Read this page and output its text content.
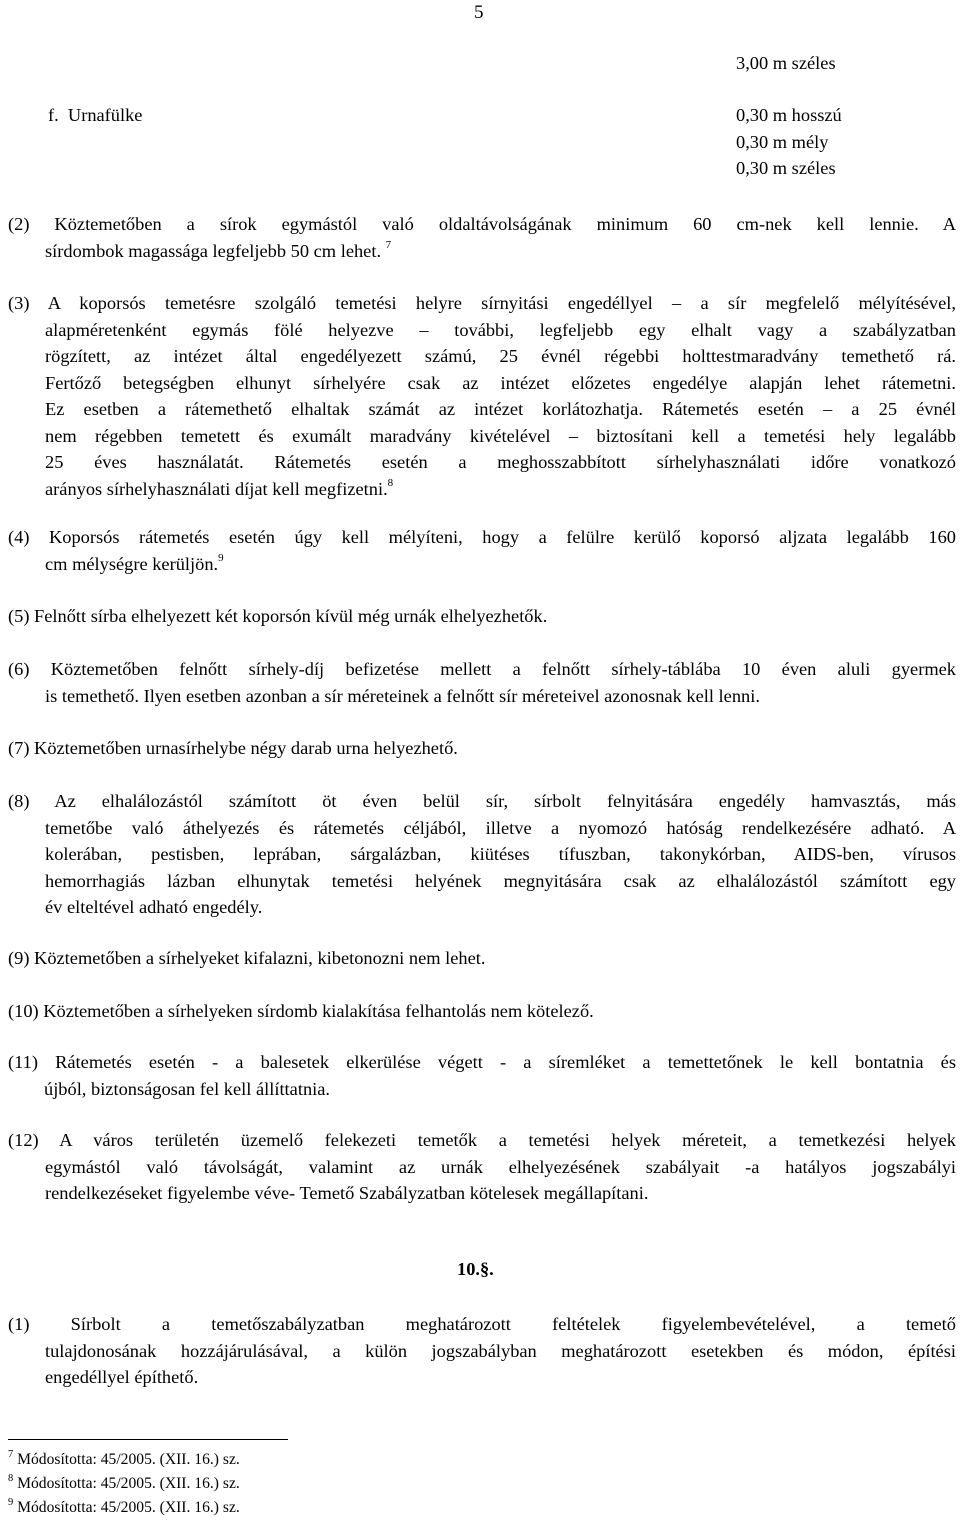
5
3,00 m széles
f.  Urnafülke	0,30 m hosszú
0,30 m mély
0,30 m széles
(2) Köztemetőben a sírok egymástól való oldaltávolságának minimum 60 cm-nek kell lennie. A
sírdombok magassága legfeljebb 50 cm lehet. $^7$
(3) A koporsós temetésre szolgáló temetési helyre sírnyitási engedéllyel – a sír megfelelő mélyítésével,
alapméretenként egymás fölé helyezve – további, legfeljebb egy elhalt vagy a szabályzatban
rögzített, az intézet által engedélyezett számú, 25 évnél régebbi holttestmaradvány temethető rá.
Fertőző betegségben elhunyt sírhelyére csak az intézet előzetes engedélye alapján lehet rátemetni.
Ez esetben a rátemethető elhaltak számát az intézet korlátozhatja. Rátemetés esetén – a 25 évnél
nem régebben temetett és exumált maradvány kivételével – biztosítani kell a temetési hely legalább
25 éves használatát. Rátemetés esetén a meghosszabbított sírhelyhasználati időre vonatkozó
arányos sírhelyhasználati díjat kell megfizetni.$^8$
(4) Koporsós rátemetés esetén úgy kell mélyíteni, hogy a felülre kerülő koporsó aljzata legalább 160
cm mélységre kerüljön.$^9$
(5) Felnőtt sírba elhelyezett két koporsón kívül még urnák elhelyezhetők.
(6) Köztemetőben felnőtt sírhely-díj befizetése mellett a felnőtt sírhely-táblába 10 éven aluli gyermek
is temethető. Ilyen esetben azonban a sír méreteinek a felnőtt sír méreteivel azonosnak kell lenni.
(7) Köztemetőben urnasírhelybe négy darab urna helyezhető.
(8) Az elhalálozástól számított öt éven belül sír, sírbolt felnyitására engedély hamvasztás, más
temetőbe való áthelyezés és rátemetés céljából, illetve a nyomozó hatóság rendelkezésére adható. A
kolerában, pestisben, leprában, sárgalázban, kiütéses tífuszban, takonykórban, AIDS-ben, vírusos
hemorrhagiás lázban elhunytak temetési helyének megnyitására csak az elhalálozástól számított egy
év elteltével adható engedély.
(9) Köztemetőben a sírhelyeket kifalazni, kibetonozni nem lehet.
(10) Köztemetőben a sírhelyeken sírdomb kialakítása felhantolás nem kötelező.
(11) Rátemetés esetén - a balesetek elkerülése végett - a síremléket a temettetőnek le kell bontatnia és
újból, biztonságosan fel kell állíttatnia.
(12) A város területén üzemelő felekezeti temetők a temetési helyek méreteit, a temetkezési helyek
egymástól való távolságát, valamint az urnák elhelyezésének szabályait -a hatályos jogszabályi
rendelkezéseket figyelembe véve- Temető Szabályzatban kötelesek megállapítani.
10.§.
(1) Sírbolt a temetőszabályzatban meghatározott feltételek figyelembevételével, a temető
tulajdonosának hozzájárulásával, a külön jogszabályban meghatározott esetekben és módon, építési
engedéllyel építhető.
$^7$ Módosította: 45/2005. (XII. 16.) sz.
$^8$ Módosította: 45/2005. (XII. 16.) sz.
$^9$ Módosította: 45/2005. (XII. 16.) sz.
